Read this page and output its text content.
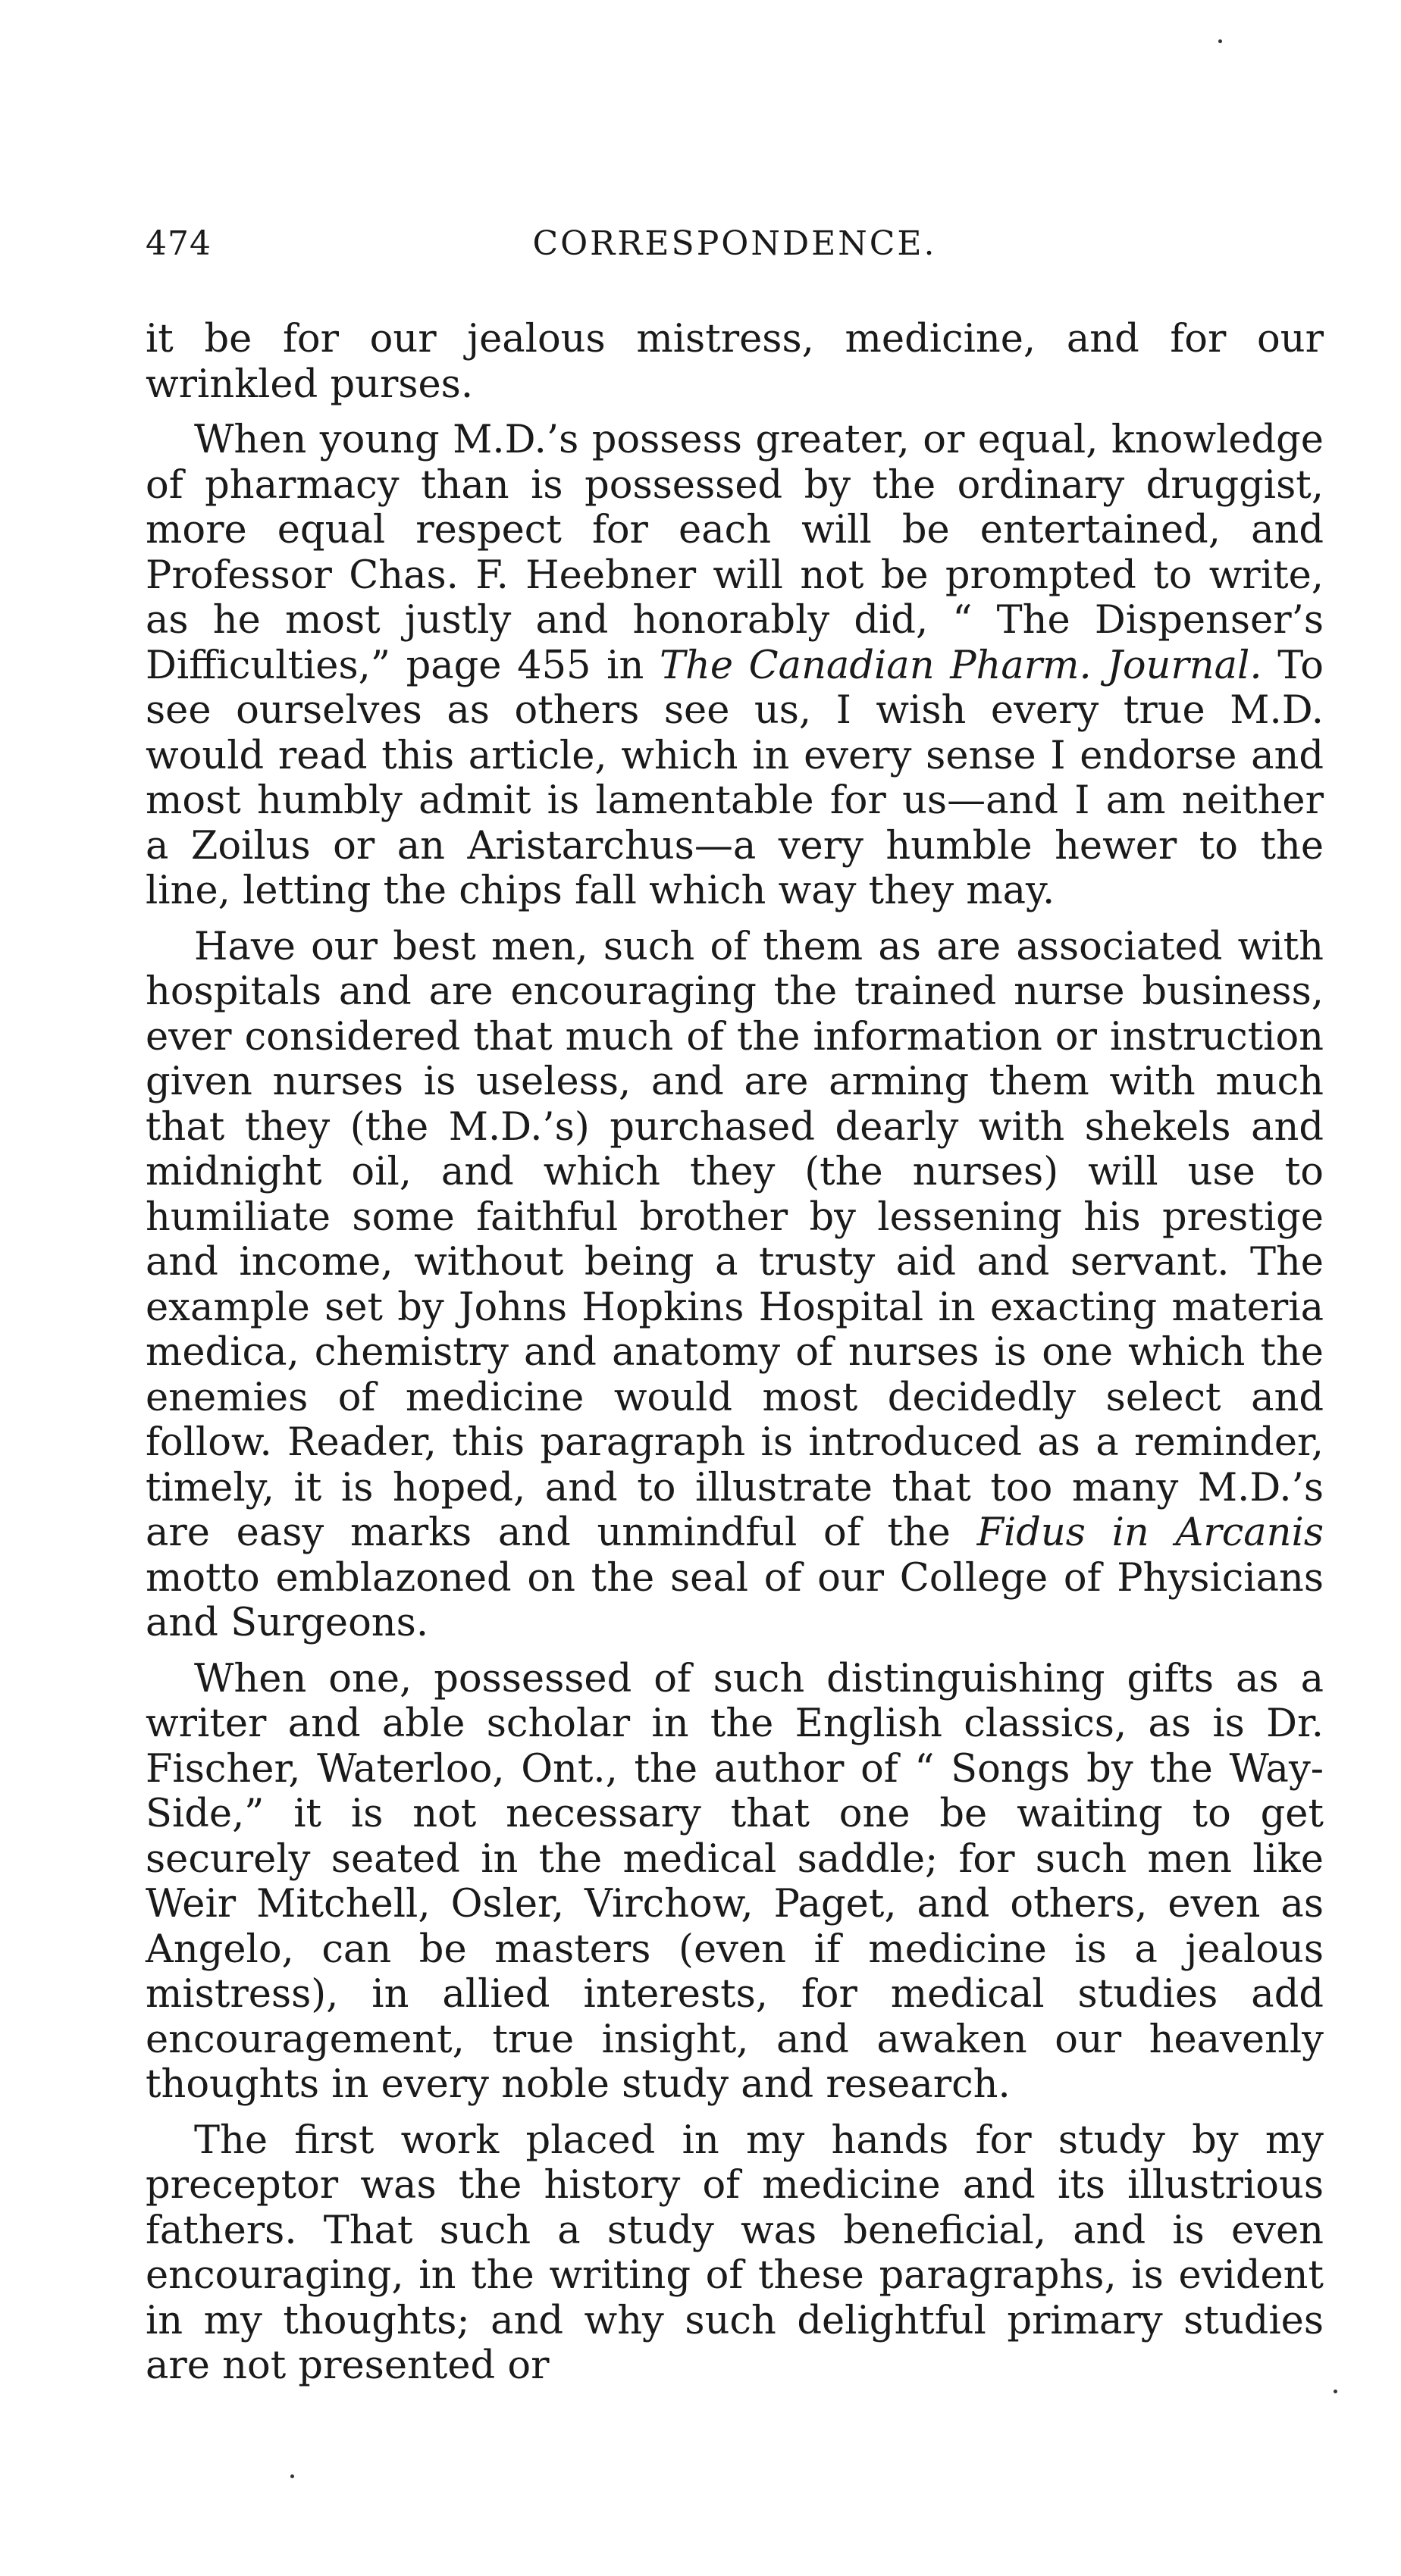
474	CORRESPONDENCE.

it be for our jealous mistress, medicine, and for our wrinkled purses.

When young M.D.’s possess greater, or equal, knowledge of pharmacy than is possessed by the ordinary druggist, more equal respect for each will be entertained, and Professor Chas. F. Heebner will not be prompted to write, as he most justly and honorably did, “ The Dispenser’s Difficulties,” page 455 in The Canadian Pharm. Journal. To see ourselves as others see us, I wish every true M.D. would read this article, which in every sense I endorse and most humbly admit is lamentable for us—and I am neither a Zoilus or an Aristarchus—a very humble hewer to the line, letting the chips fall which way they may.

Have our best men, such of them as are associated with hospitals and are encouraging the trained nurse business, ever considered that much of the information or instruction given nurses is useless, and are arming them with much that they (the M.D.’s) purchased dearly with shekels and midnight oil, and which they (the nurses) will use to humiliate some faithful brother by lessening his prestige and income, without being a trusty aid and servant. The example set by Johns Hopkins Hospital in exacting materia medica, chemistry and anatomy of nurses is one which the enemies of medicine would most decidedly select and follow. Reader, this paragraph is introduced as a reminder, timely, it is hoped, and to illustrate that too many M.D.’s are easy marks and unmindful of the Fidus in Arcanis motto emblazoned on the seal of our College of Physicians and Surgeons.

When one, possessed of such distinguishing gifts as a writer and able scholar in the English classics, as is Dr. Fischer, Waterloo, Ont., the author of “ Songs by the Way-Side,” it is not necessary that one be waiting to get securely seated in the medical saddle; for such men like Weir Mitchell, Osler, Virchow, Paget, and others, even as Angelo, can be masters (even if medicine is a jealous mistress), in allied interests, for medical studies add encouragement, true insight, and awaken our heavenly thoughts in every noble study and research.

The first work placed in my hands for study by my preceptor was the history of medicine and its illustrious fathers. That such a study was beneficial, and is even encouraging, in the writing of these paragraphs, is evident in my thoughts; and why such delightful primary studies are not presented or
